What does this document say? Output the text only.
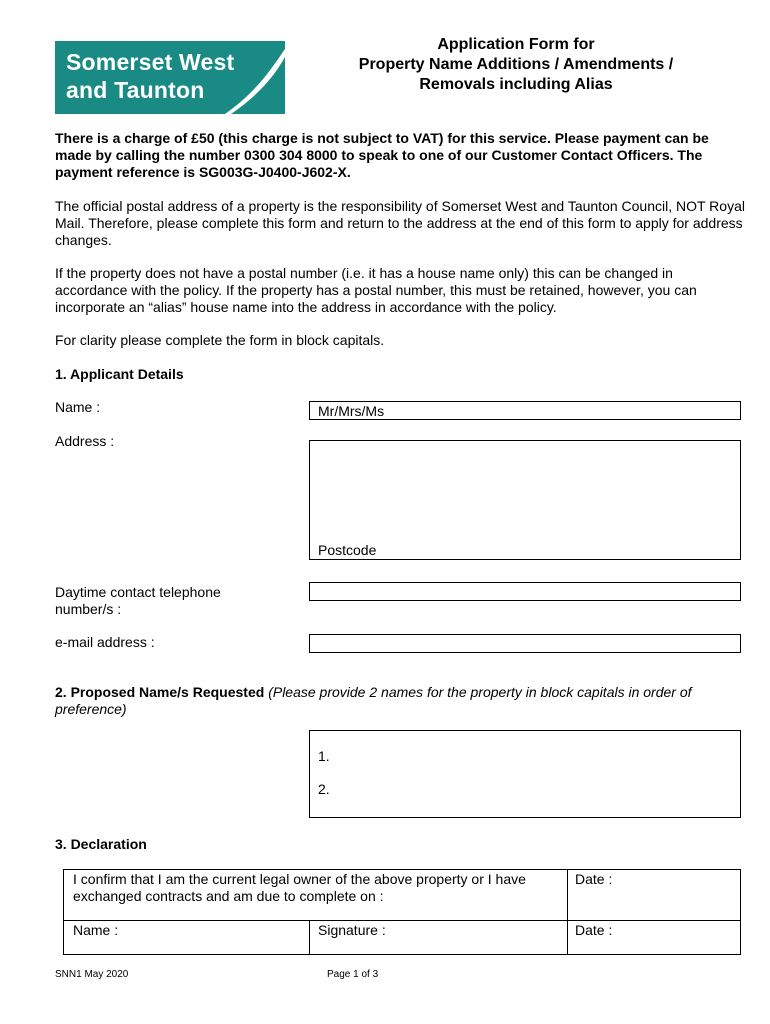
Somerset West
and Taunton
Application Form for
Property Name Additions / Amendments /
Removals including Alias
There is a charge of £50 (this charge is not subject to VAT) for this service. Please payment can be made by calling the number 0300 304 8000 to speak to one of our Customer Contact Officers. The payment reference is SG003G-J0400-J602-X.
The official postal address of a property is the responsibility of Somerset West and Taunton Council, NOT Royal Mail. Therefore, please complete this form and return to the address at the end of this form to apply for address changes.
If the property does not have a postal number (i.e. it has a house name only) this can be changed in accordance with the policy. If the property has a postal number, this must be retained, however, you can incorporate an “alias” house name into the address in accordance with the policy.
For clarity please complete the form in block capitals.
1. Applicant Details
Name :	Mr/Mrs/Ms
Address :
Postcode
Daytime contact telephone
number/s :
e-mail address :
2. Proposed Name/s Requested (Please provide 2 names for the property in block capitals in order of preference)
1.
2.
3. Declaration
I confirm that I am the current legal owner of the above property or I have exchanged contracts and am due to complete on :
Date :
Name :	Signature :	Date :
SNN1 May 2020	Page 1 of 3
